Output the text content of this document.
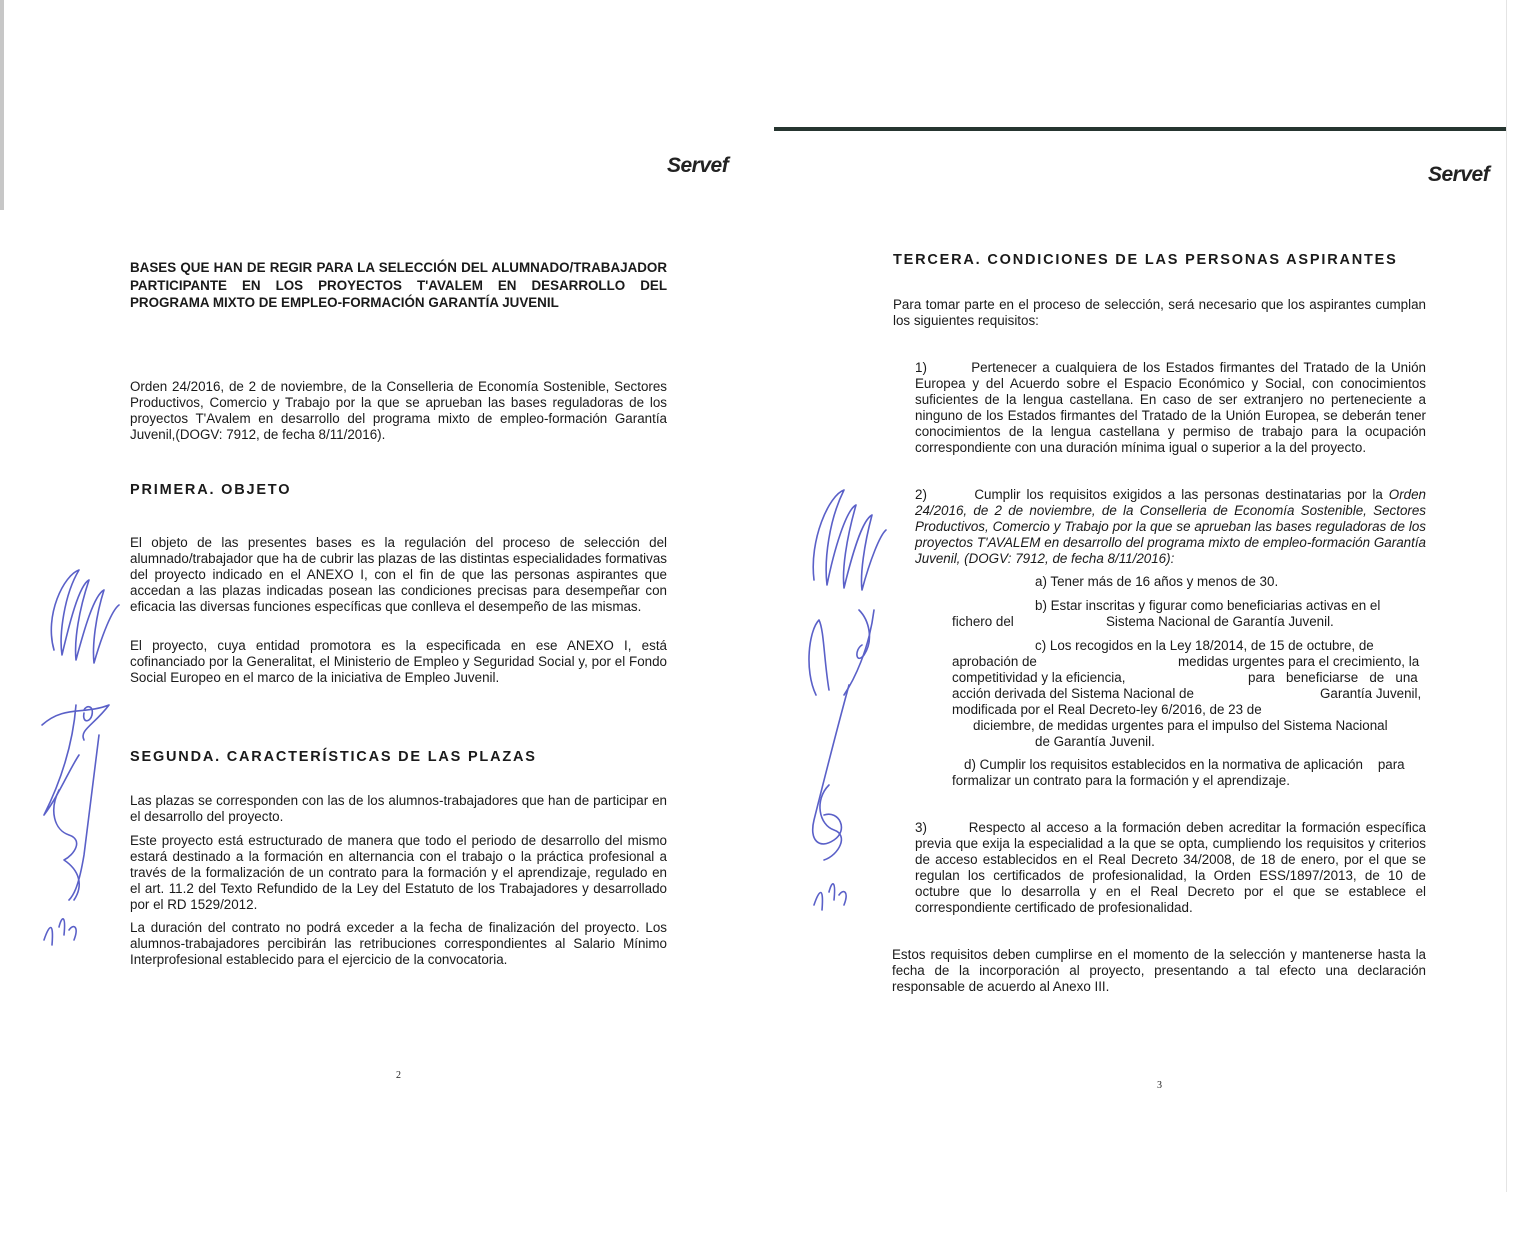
Servef

BASES QUE HAN DE REGIR PARA LA SELECCIÓN DEL ALUMNADO/TRABAJADOR PARTICIPANTE EN LOS PROYECTOS T'AVALEM EN DESARROLLO DEL PROGRAMA MIXTO DE EMPLEO-FORMACIÓN GARANTÍA JUVENIL

Orden 24/2016, de 2 de noviembre, de la Conselleria de Economía Sostenible, Sectores Productivos, Comercio y Trabajo por la que se aprueban las bases reguladoras de los proyectos T'Avalem en desarrollo del programa mixto de empleo-formación Garantía Juvenil,(DOGV: 7912, de fecha 8/11/2016).

PRIMERA. OBJETO

El objeto de las presentes bases es la regulación del proceso de selección del alumnado/trabajador que ha de cubrir las plazas de las distintas especialidades formativas del proyecto indicado en el ANEXO I, con el fin de que las personas aspirantes que accedan a las plazas indicadas posean las condiciones precisas para desempeñar con eficacia las diversas funciones específicas que conlleva el desempeño de las mismas.

El proyecto, cuya entidad promotora es la especificada en ese ANEXO I, está cofinanciado por la Generalitat, el Ministerio de Empleo y Seguridad Social y, por el Fondo Social Europeo en el marco de la iniciativa de Empleo Juvenil.

SEGUNDA. CARACTERÍSTICAS DE LAS PLAZAS

Las plazas se corresponden con las de los alumnos-trabajadores que han de participar en el desarrollo del proyecto.

Este proyecto está estructurado de manera que todo el periodo de desarrollo del mismo estará destinado a la formación en alternancia con el trabajo o la práctica profesional a través de la formalización de un contrato para la formación y el aprendizaje, regulado en el art. 11.2 del Texto Refundido de la Ley del Estatuto de los Trabajadores y desarrollado por el RD 1529/2012.

La duración del contrato no podrá exceder a la fecha de finalización del proyecto. Los alumnos-trabajadores percibirán las retribuciones correspondientes al Salario Mínimo Interprofesional establecido para el ejercicio de la convocatoria.

2
Servef
TERCERA. CONDICIONES DE LAS PERSONAS ASPIRANTES

Para tomar parte en el proceso de selección, será necesario que los aspirantes cumplan los siguientes requisitos:

1)        Pertenecer a cualquiera de los Estados firmantes del Tratado de la Unión Europea y del Acuerdo sobre el Espacio Económico y Social, con conocimientos suficientes de la lengua castellana. En caso de ser extranjero no perteneciente a ninguno de los Estados firmantes del Tratado de la Unión Europea, se deberán tener conocimientos de la lengua castellana y permiso de trabajo para la ocupación correspondiente con una duración mínima igual o superior a la del proyecto.

2)        Cumplir los requisitos exigidos a las personas destinatarias por la Orden 24/2016, de 2 de noviembre, de la Conselleria de Economía Sostenible, Sectores Productivos, Comercio y Trabajo por la que se aprueban las bases reguladoras de los proyectos T'AVALEM en desarrollo del programa mixto de empleo-formación Garantía Juvenil, (DOGV: 7912, de fecha 8/11/2016):

a) Tener más de 16 años y menos de 30.
b) Estar inscritas y figurar como beneficiarias activas en el
fichero del	Sistema Nacional de Garantía Juvenil.
c) Los recogidos en la Ley 18/2014, de 15 de octubre, de
aprobación de	medidas urgentes para el crecimiento, la
competitividad y la eficiencia,	para   beneficiarse   de   una
acción derivada del Sistema Nacional de	Garantía Juvenil,
modificada por el Real Decreto-ley 6/2016, de 23 de
diciembre, de medidas urgentes para el impulso del Sistema Nacional
de Garantía Juvenil.
d) Cumplir los requisitos establecidos en la normativa de aplicación    para
formalizar un contrato para la formación y el aprendizaje.

3)        Respecto al acceso a la formación deben acreditar la formación específica previa que exija la especialidad a la que se opta, cumpliendo los requisitos y criterios de acceso establecidos en el Real Decreto 34/2008, de 18 de enero, por el que se regulan los certificados de profesionalidad, la Orden ESS/1897/2013, de 10 de octubre que lo desarrolla y en el Real Decreto por el que se establece el correspondiente certificado de profesionalidad.

Estos requisitos deben cumplirse en el momento de la selección y mantenerse hasta la fecha de la incorporación al proyecto, presentando a tal efecto una declaración responsable de acuerdo al Anexo III.

3
